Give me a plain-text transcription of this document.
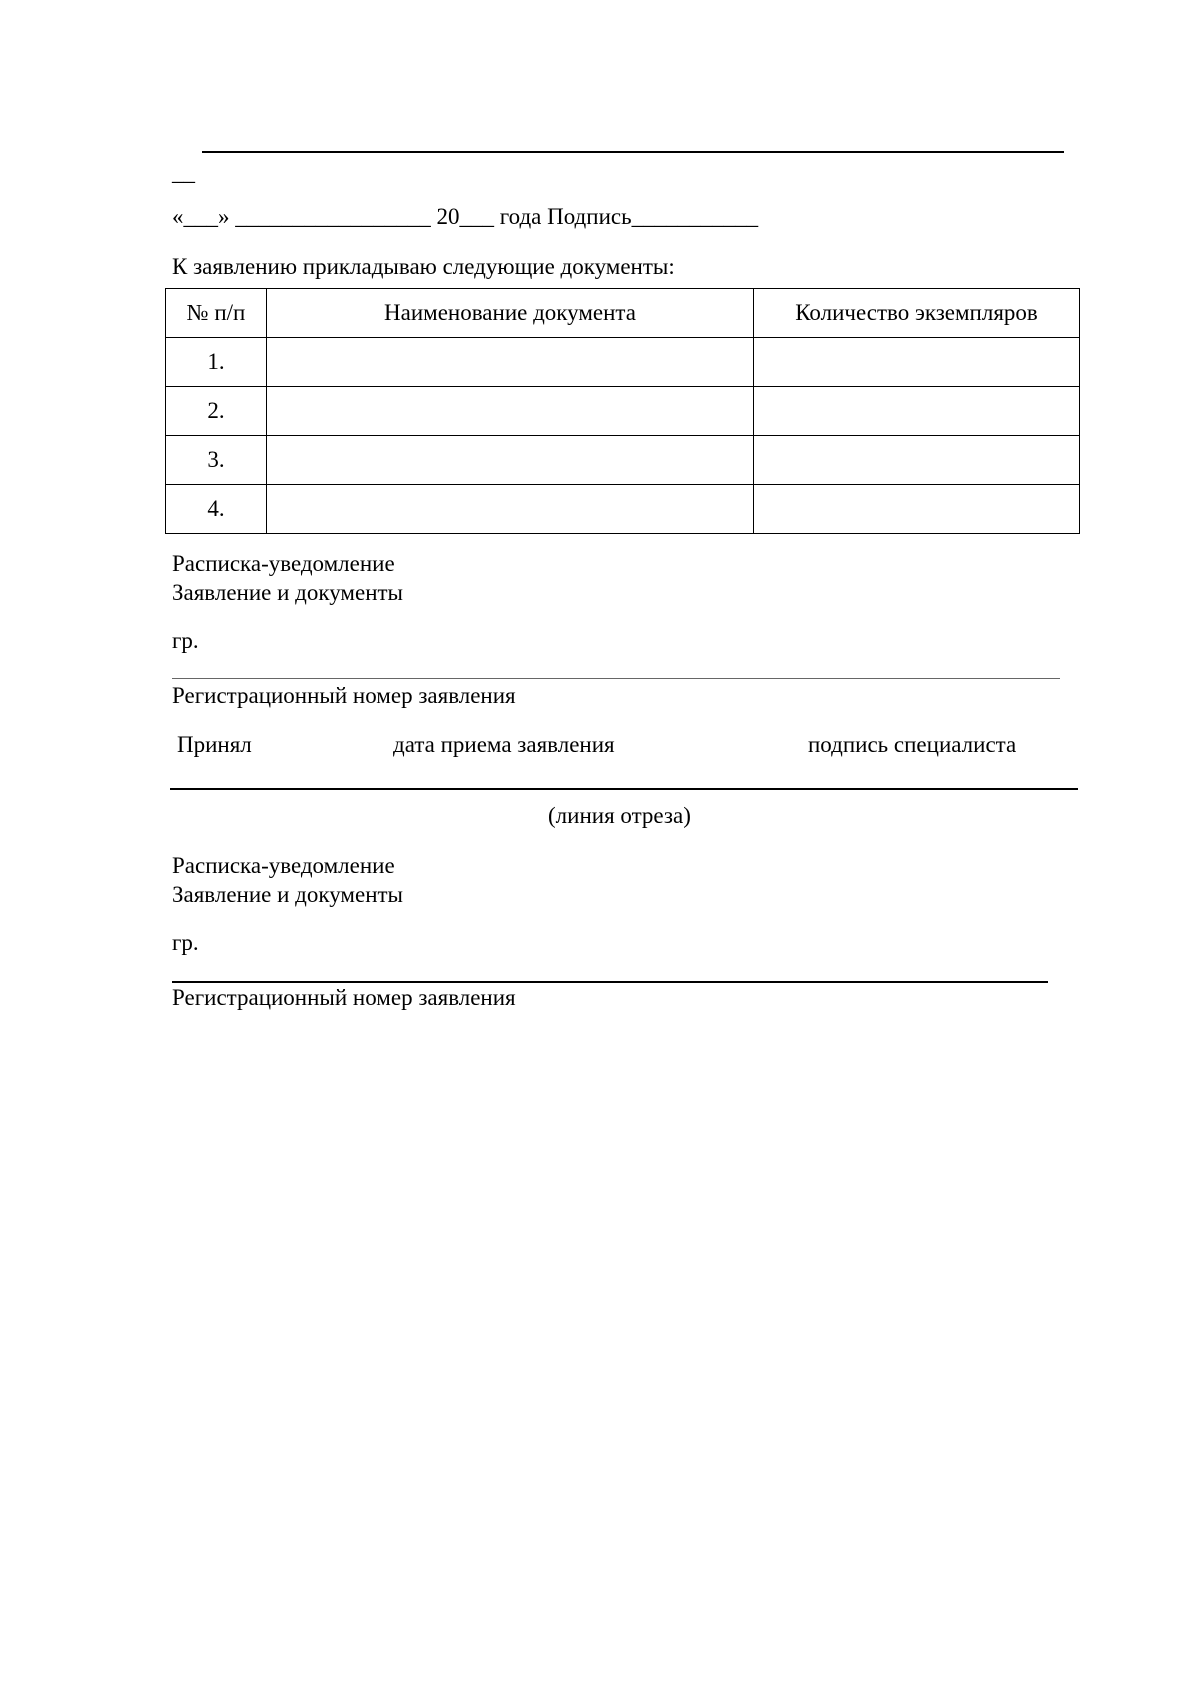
__
«___» _________________ 20___ года Подпись___________
К заявлению прикладываю следующие документы:
№ п/п	Наименование документа	Количество экземпляров
1.		
2.		
3.		
4.		
Расписка-уведомление
Заявление и документы
гр.
Регистрационный номер заявления
Принял	дата приема заявления	подпись специалиста
(линия отреза)
Расписка-уведомление
Заявление и документы
гр.
Регистрационный номер заявления
